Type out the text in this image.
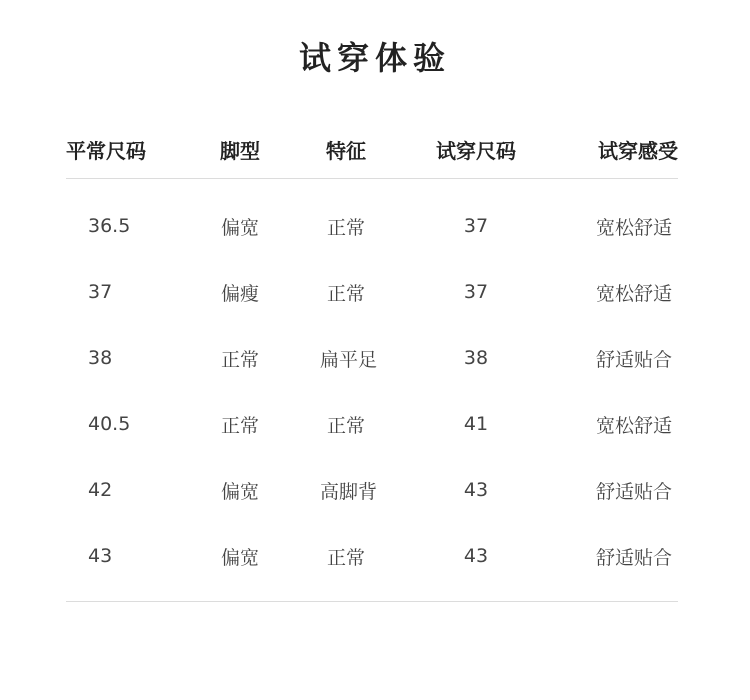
试穿体验
平常尺码	脚型	特征	试穿尺码	试穿感受
36.5	偏宽	正常	37	宽松舒适
37	偏瘦	正常	37	宽松舒适
38	正常	扁平足	38	舒适贴合
40.5	正常	正常	41	宽松舒适
42	偏宽	高脚背	43	舒适贴合
43	偏宽	正常	43	舒适贴合
